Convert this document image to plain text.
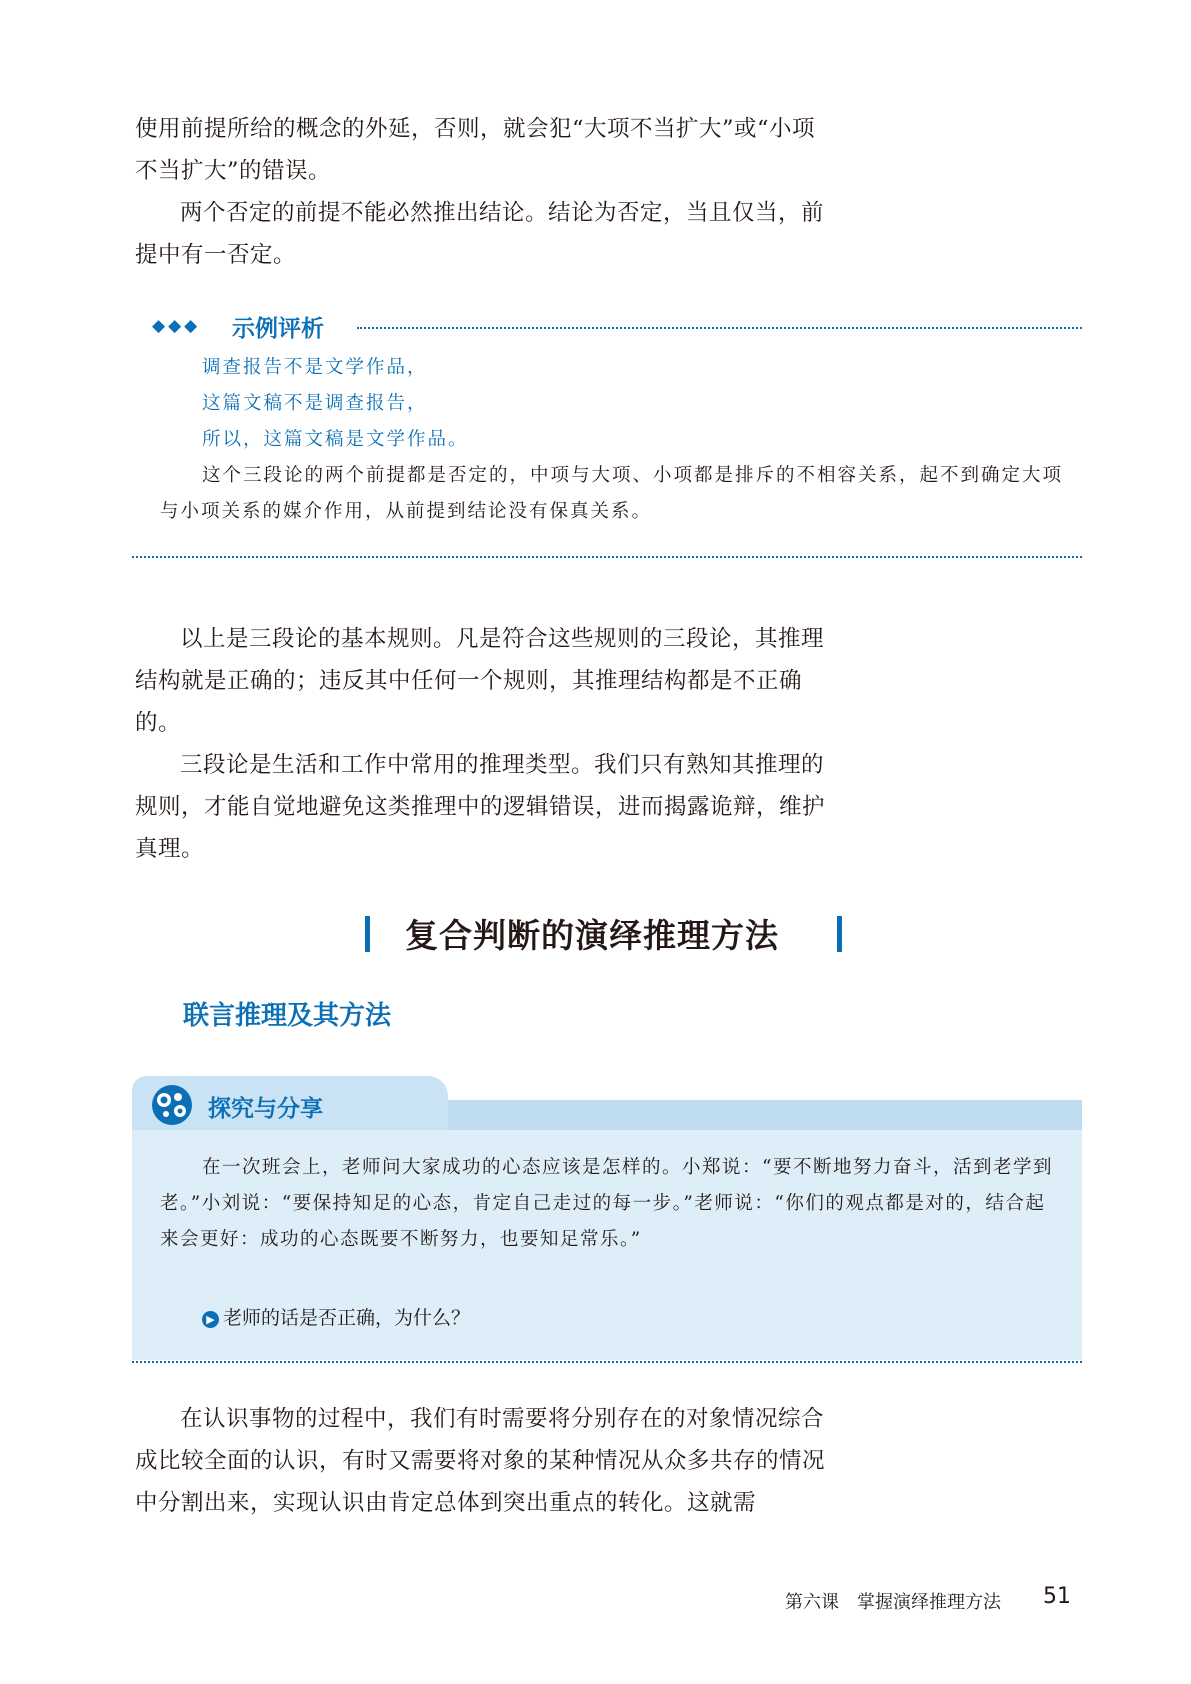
使用前提所给的概念的外延，否则，就会犯“大项不当扩大”或“小项不当扩大”的错误。

两个否定的前提不能必然推出结论。结论为否定，当且仅当，前提中有一否定。

◆◆◆ 示例评析
调查报告不是文学作品，
这篇文稿不是调查报告，
所以，这篇文稿是文学作品。

这个三段论的两个前提都是否定的，中项与大项、小项都是排斥的不相容关系，起不到确定大项与小项关系的媒介作用，从前提到结论没有保真关系。

以上是三段论的基本规则。凡是符合这些规则的三段论，其推理结构就是正确的；违反其中任何一个规则，其推理结构都是不正确的。

三段论是生活和工作中常用的推理类型。我们只有熟知其推理的规则，才能自觉地避免这类推理中的逻辑错误，进而揭露诡辩，维护真理。

复合判断的演绎推理方法
联言推理及其方法
探究与分享

在一次班会上，老师问大家成功的心态应该是怎样的。小郑说：“要不断地努力奋斗，活到老学到老。”小刘说：“要保持知足的心态，肯定自己走过的每一步。”老师说：“你们的观点都是对的，结合起来会更好：成功的心态既要不断努力，也要知足常乐。”

▶ 老师的话是否正确，为什么？

在认识事物的过程中，我们有时需要将分别存在的对象情况综合成比较全面的认识，有时又需要将对象的某种情况从众多共存的情况中分割出来，实现认识由肯定总体到突出重点的转化。这就需

第六课　掌握演绎推理方法 51
